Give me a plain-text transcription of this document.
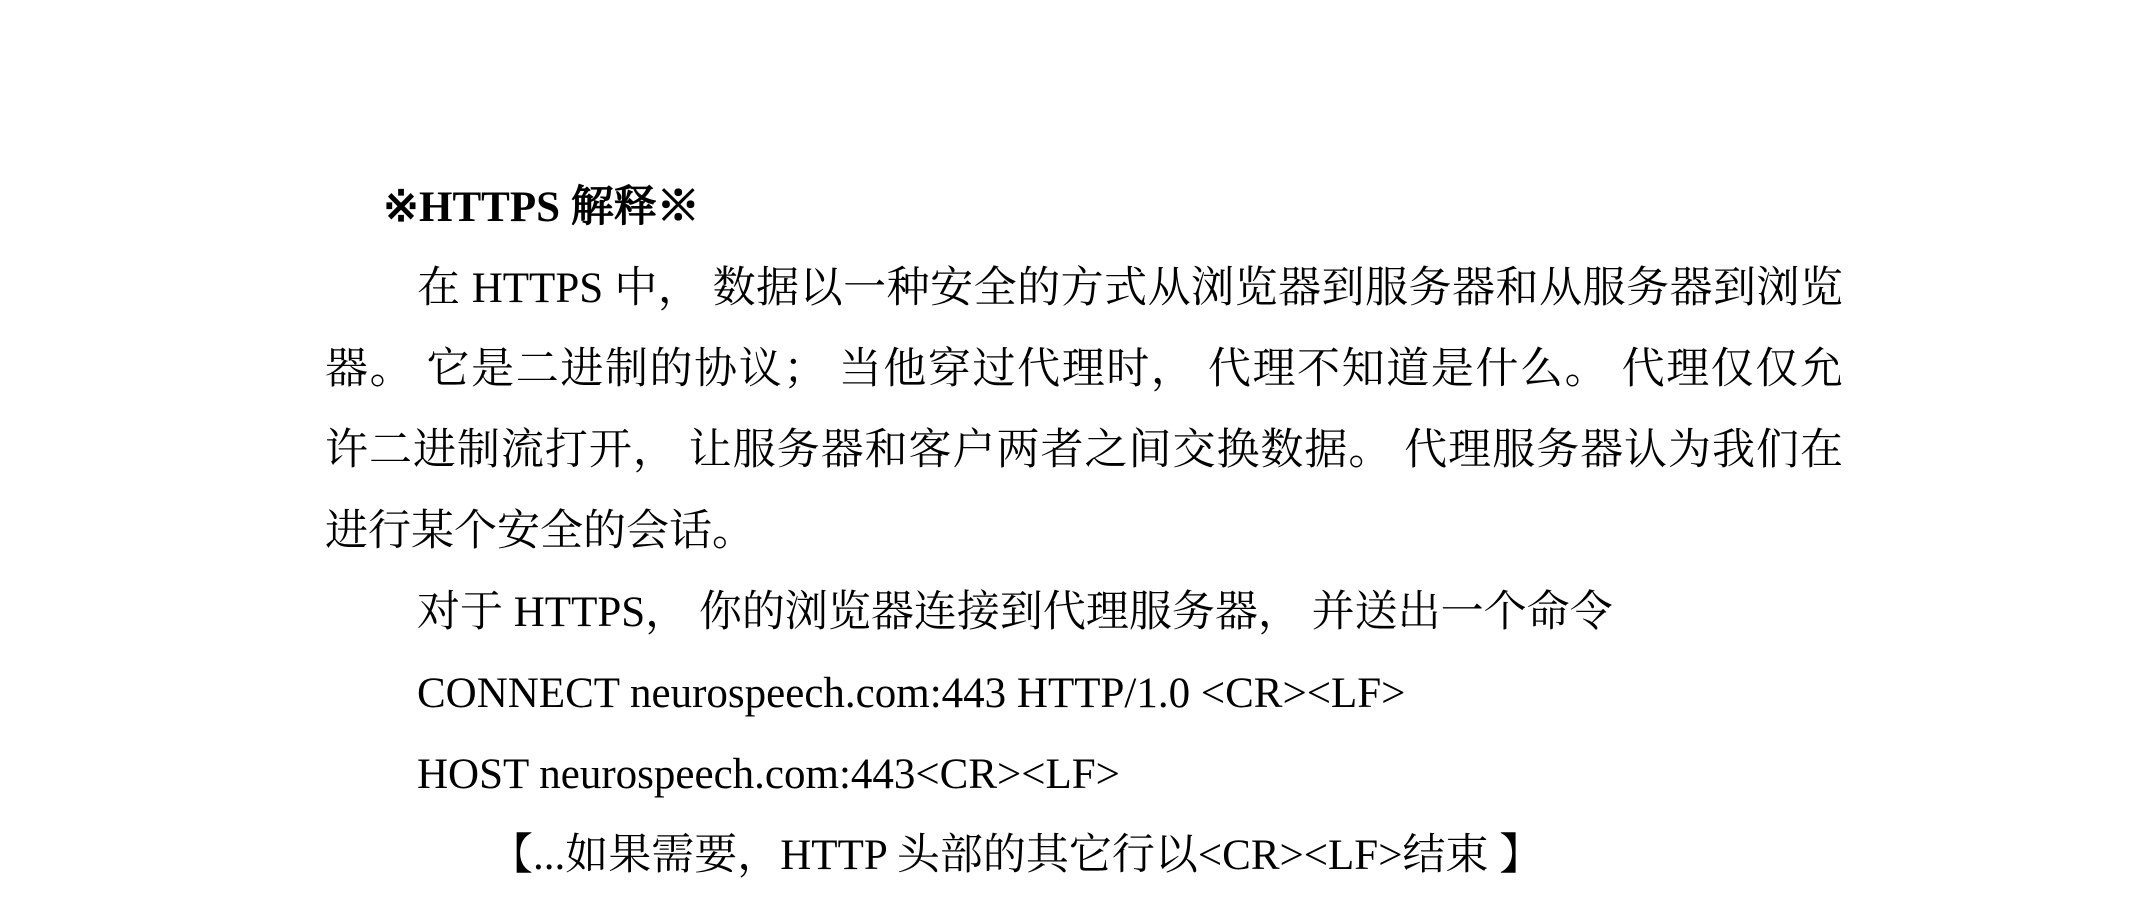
※HTTPS 解释※
在 HTTPS 中， 数据以一种安全的方式从浏览器到服务器和从服务器到浏览
器。 它是二进制的协议； 当他穿过代理时， 代理不知道是什么。 代理仅仅允
许二进制流打开， 让服务器和客户两者之间交换数据。 代理服务器认为我们在
进行某个安全的会话。
对于 HTTPS， 你的浏览器连接到代理服务器， 并送出一个命令
CONNECT neurospeech.com:443 HTTP/1.0 <CR><LF>
HOST neurospeech.com:443<CR><LF>
【...如果需要，HTTP 头部的其它行以<CR><LF>结束 】
